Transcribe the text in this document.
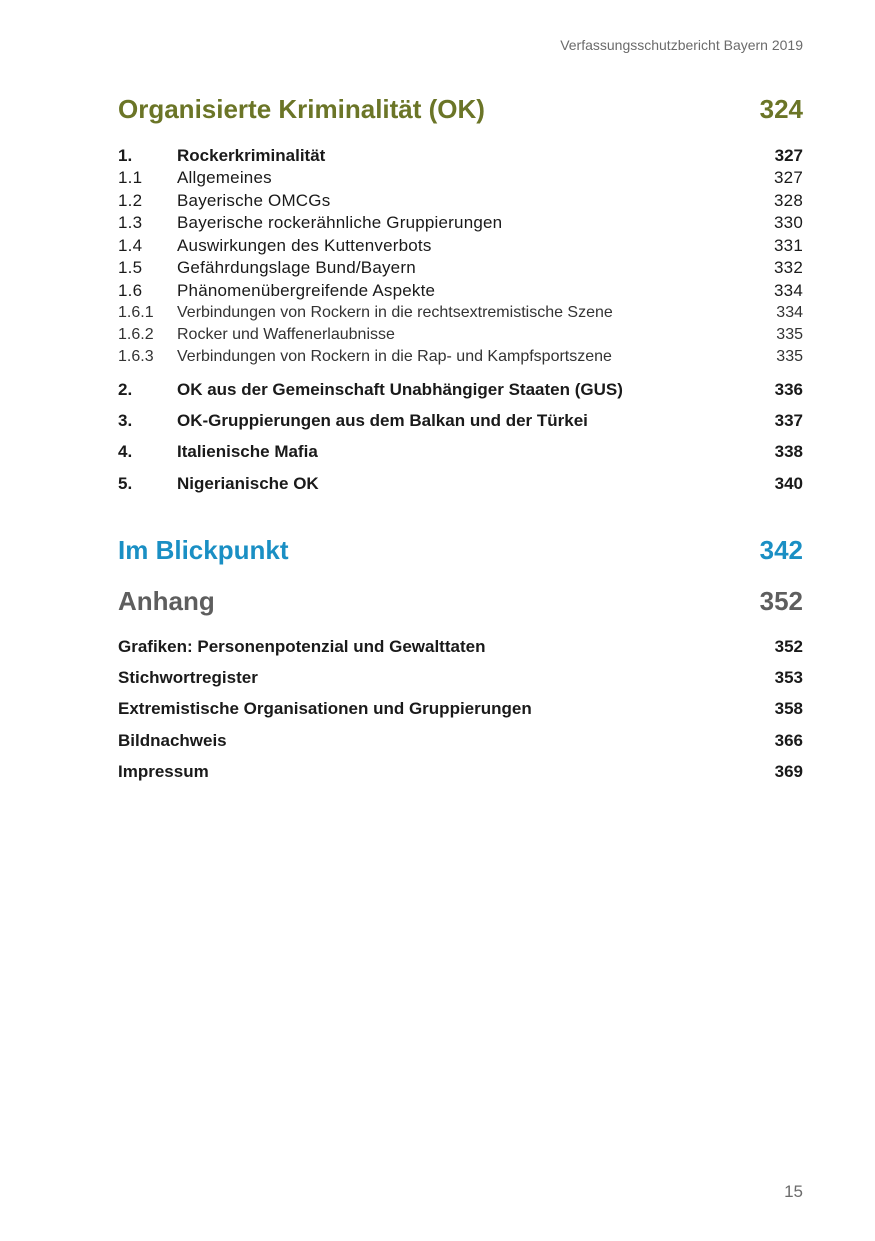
Verfassungsschutzbericht Bayern 2019
Organisierte Kriminalität (OK)	324
1.	Rockerkriminalität	327
1.1	Allgemeines	327
1.2	Bayerische OMCGs	328
1.3	Bayerische rockerähnliche Gruppierungen	330
1.4	Auswirkungen des Kuttenverbots	331
1.5	Gefährdungslage Bund/Bayern	332
1.6	Phänomenübergreifende Aspekte	334
1.6.1	Verbindungen von Rockern in die rechtsextremistische Szene	334
1.6.2	Rocker und Waffenerlaubnisse	335
1.6.3	Verbindungen von Rockern in die Rap- und Kampfsportszene	335
2.	OK aus der Gemeinschaft Unabhängiger Staaten (GUS)	336
3.	OK-Gruppierungen aus dem Balkan und der Türkei	337
4.	Italienische Mafia	338
5.	Nigerianische OK	340
Im Blickpunkt	342
Anhang	352
Grafiken: Personenpotenzial und Gewalttaten	352
Stichwortregister	353
Extremistische Organisationen und Gruppierungen	358
Bildnachweis	366
Impressum	369
15
